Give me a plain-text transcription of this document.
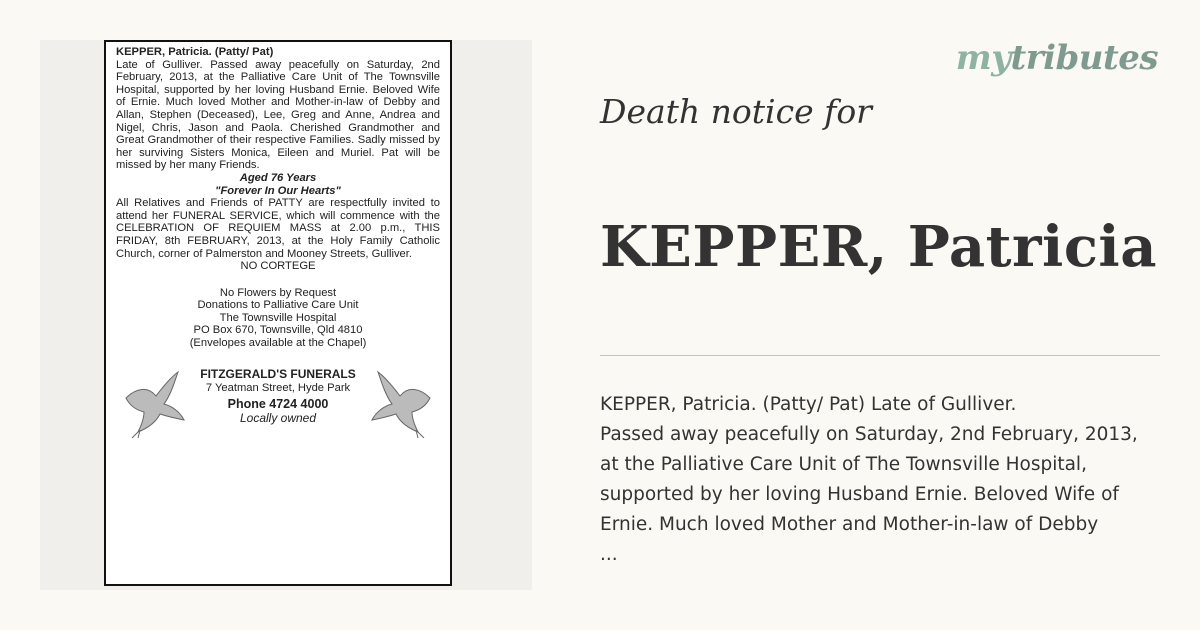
KEPPER, Patricia. (Patty/ Pat)

Late of Gulliver. Passed away peacefully on Saturday, 2nd February, 2013, at the Palliative Care Unit of The Townsville Hospital, supported by her loving Husband Ernie. Beloved Wife of Ernie. Much loved Mother and Mother-in-law of Debby and Allan, Stephen (Deceased), Lee, Greg and Anne, Andrea and Nigel, Chris, Jason and Paola. Cherished Grandmother and Great Grandmother of their respective Families. Sadly missed by her surviving Sisters Monica, Eileen and Muriel. Pat will be missed by her many Friends.

Aged 76 Years

"Forever In Our Hearts"

All Relatives and Friends of PATTY are respectfully invited to attend her FUNERAL SERVICE, which will commence with the CELEBRATION OF REQUIEM MASS at 2.00 p.m., THIS FRIDAY, 8th FEBRUARY, 2013, at the Holy Family Catholic Church, corner of Palmerston and Mooney Streets, Gulliver.

NO CORTEGE

No Flowers by Request

Donations to Palliative Care Unit

The Townsville Hospital

PO Box 670, Townsville, Qld 4810

(Envelopes available at the Chapel)

FITZGERALD'S FUNERALS
7 Yeatman Street, Hyde Park
Phone 4724 4000
Locally owned
mytributes
Death notice for
KEPPER, Patricia

KEPPER, Patricia. (Patty/ Pat) Late of Gulliver.

Passed away peacefully on Saturday, 2nd February, 2013,

at the Palliative Care Unit of The Townsville Hospital,

supported by her loving Husband Ernie. Beloved Wife of

Ernie. Much loved Mother and Mother-in-law of Debby

...
